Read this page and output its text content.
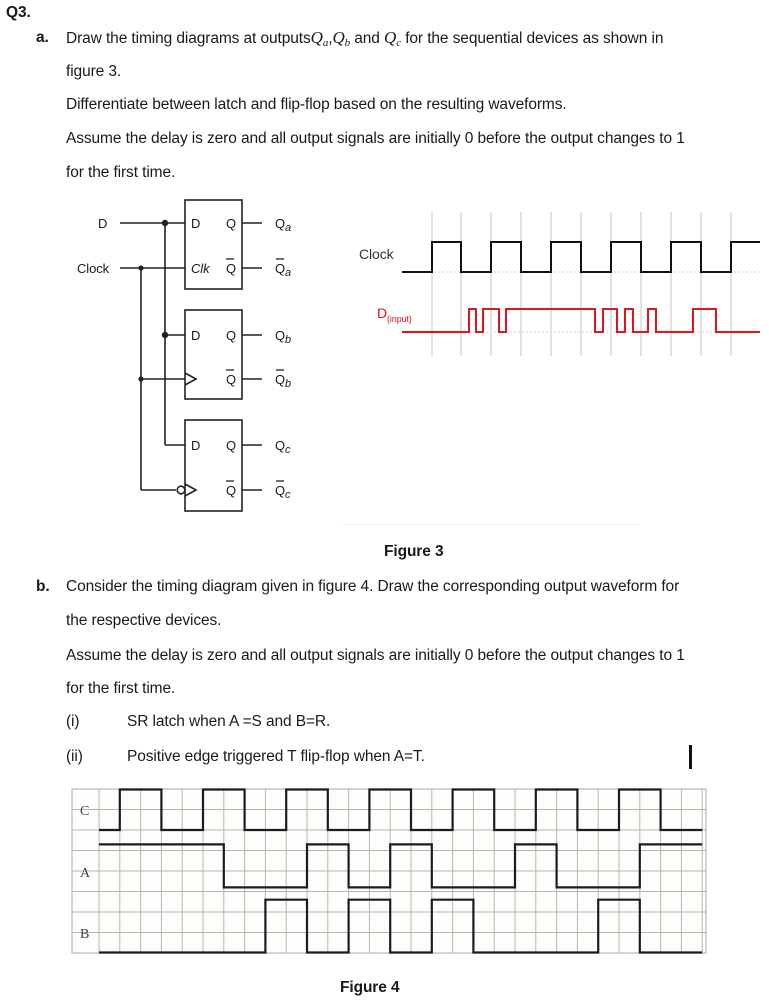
Q3.
a. Draw the timing diagrams at $outputsQ_a,Q_b$ and $Q_c$ for the sequential devices as shown in
figure 3.
Differentiate between latch and flip-flop based on the resulting waveforms.
Assume the delay is zero and all output signals are initially 0 before the output changes to 1
for the first time.
Figure 3
b. Consider the timing diagram given in figure 4. Draw the corresponding output waveform for
the respective devices.
Assume the delay is zero and all output signals are initially 0 before the output changes to 1
for the first time.
(i)	SR latch when A =S and B=R.
(ii)	Positive edge triggered T flip-flop when A=T.
Figure 4
D
Clock
D Q
Clk Q
D Q
Q
D Q
Q
$Q_a$
$Q_a$
$Q_b$
$Q_b$
$Q_c$
$Q_c$
Clock
$D_{(input)}$
C
A
B
